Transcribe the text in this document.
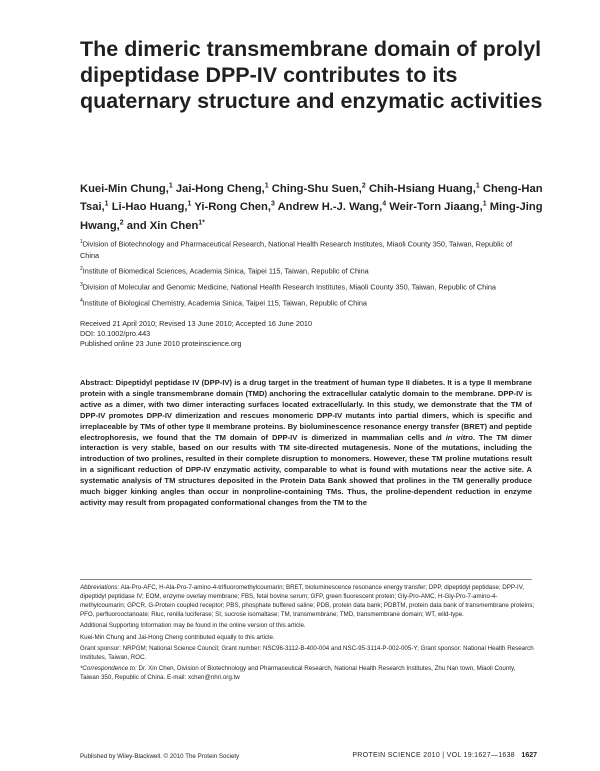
The dimeric transmembrane domain of prolyl dipeptidase DPP-IV contributes to its quaternary structure and enzymatic activities
Kuei-Min Chung,$^1$ Jai-Hong Cheng,$^1$ Ching-Shu Suen,$^2$ Chih-Hsiang Huang,$^1$ Cheng-Han Tsai,$^1$ Li-Hao Huang,$^1$ Yi-Rong Chen,$^3$ Andrew H.-J. Wang,$^4$ Weir-Torn Jiaang,$^1$ Ming-Jing Hwang,$^2$ and Xin Chen$^{1*}$

$^1$Division of Biotechnology and Pharmaceutical Research, National Health Research Institutes, Miaoli County 350, Taiwan, Republic of China

$^2$Institute of Biomedical Sciences, Academia Sinica, Taipei 115, Taiwan, Republic of China

$^3$Division of Molecular and Genomic Medicine, National Health Research Institutes, Miaoli County 350, Taiwan, Republic of China

$^4$Institute of Biological Chemistry, Academia Sinica, Taipei 115, Taiwan, Republic of China

Received 21 April 2010; Revised 13 June 2010; Accepted 16 June 2010
DOI: 10.1002/pro.443
Published online 23 June 2010 proteinscience.org
Abstract: Dipeptidyl peptidase IV (DPP-IV) is a drug target in the treatment of human type II diabetes. It is a type II membrane protein with a single transmembrane domain (TMD) anchoring the extracellular catalytic domain to the membrane. DPP-IV is active as a dimer, with two dimer interacting surfaces located extracellularly. In this study, we demonstrate that the TM of DPP-IV promotes DPP-IV dimerization and rescues monomeric DPP-IV mutants into partial dimers, which is specific and irreplaceable by TMs of other type II membrane proteins. By bioluminescence resonance energy transfer (BRET) and peptide electrophoresis, we found that the TM domain of DPP-IV is dimerized in mammalian cells and in vitro. The TM dimer interaction is very stable, based on our results with TM site-directed mutagenesis. None of the mutations, including the introduction of two prolines, resulted in their complete disruption to monomers. However, these TM proline mutations result in a significant reduction of DPP-IV enzymatic activity, comparable to what is found with mutations near the active site. A systematic analysis of TM structures deposited in the Protein Data Bank showed that prolines in the TM generally produce much bigger kinking angles than occur in nonproline-containing TMs. Thus, the proline-dependent reduction in enzyme activity may result from propagated conformational changes from the TM to the

Abbreviations: Ala-Pro-AFC, H-Ala-Pro-7-amino-4-trifluoromethylcoumarin; BRET, bioluminescence resonance energy transfer; DPP, dipeptidyl peptidase; DPP-IV, dipeptidyl peptidase IV; EOM, enzyme overlay membrane; FBS, fetal bovine serum; GFP, green fluorescent protein; Gly-Pro-AMC, H-Gly-Pro-7-amino-4-methylcoumarin; GPCR, G-Protein coupled receptor; PBS, phosphate buffered saline; PDB, protein data bank; PDBTM, protein data bank of transmembrane proteins; PFO, perfluorooctanoate; Rluc, renilla luciferase; SI, sucrose isomaltase; TM, transmembrane; TMD, transmembrane domain; WT, wild-type.

Additional Supporting Information may be found in the online version of this article.

Kuei-Min Chung and Jai-Hong Cheng contributed equally to this article.

Grant sponsor: NRPGM; National Science Council; Grant number: NSC96-3112-B-400-004 and NSC-95-3114-P-002-005-Y; Grant sponsor: National Health Research Institutes, Taiwan, ROC.

*Correspondence to: Dr. Xin Chen, Division of Biotechnology and Pharmaceutical Research, National Health Research Institutes, Zhu Nan town, Miaoli County, Taiwan 350, Republic of China. E-mail: xchen@nhri.org.tw

Published by Wiley-Blackwell. © 2010 The Protein Society	PROTEIN SCIENCE 2010 | VOL 19:1627—1638 1627
